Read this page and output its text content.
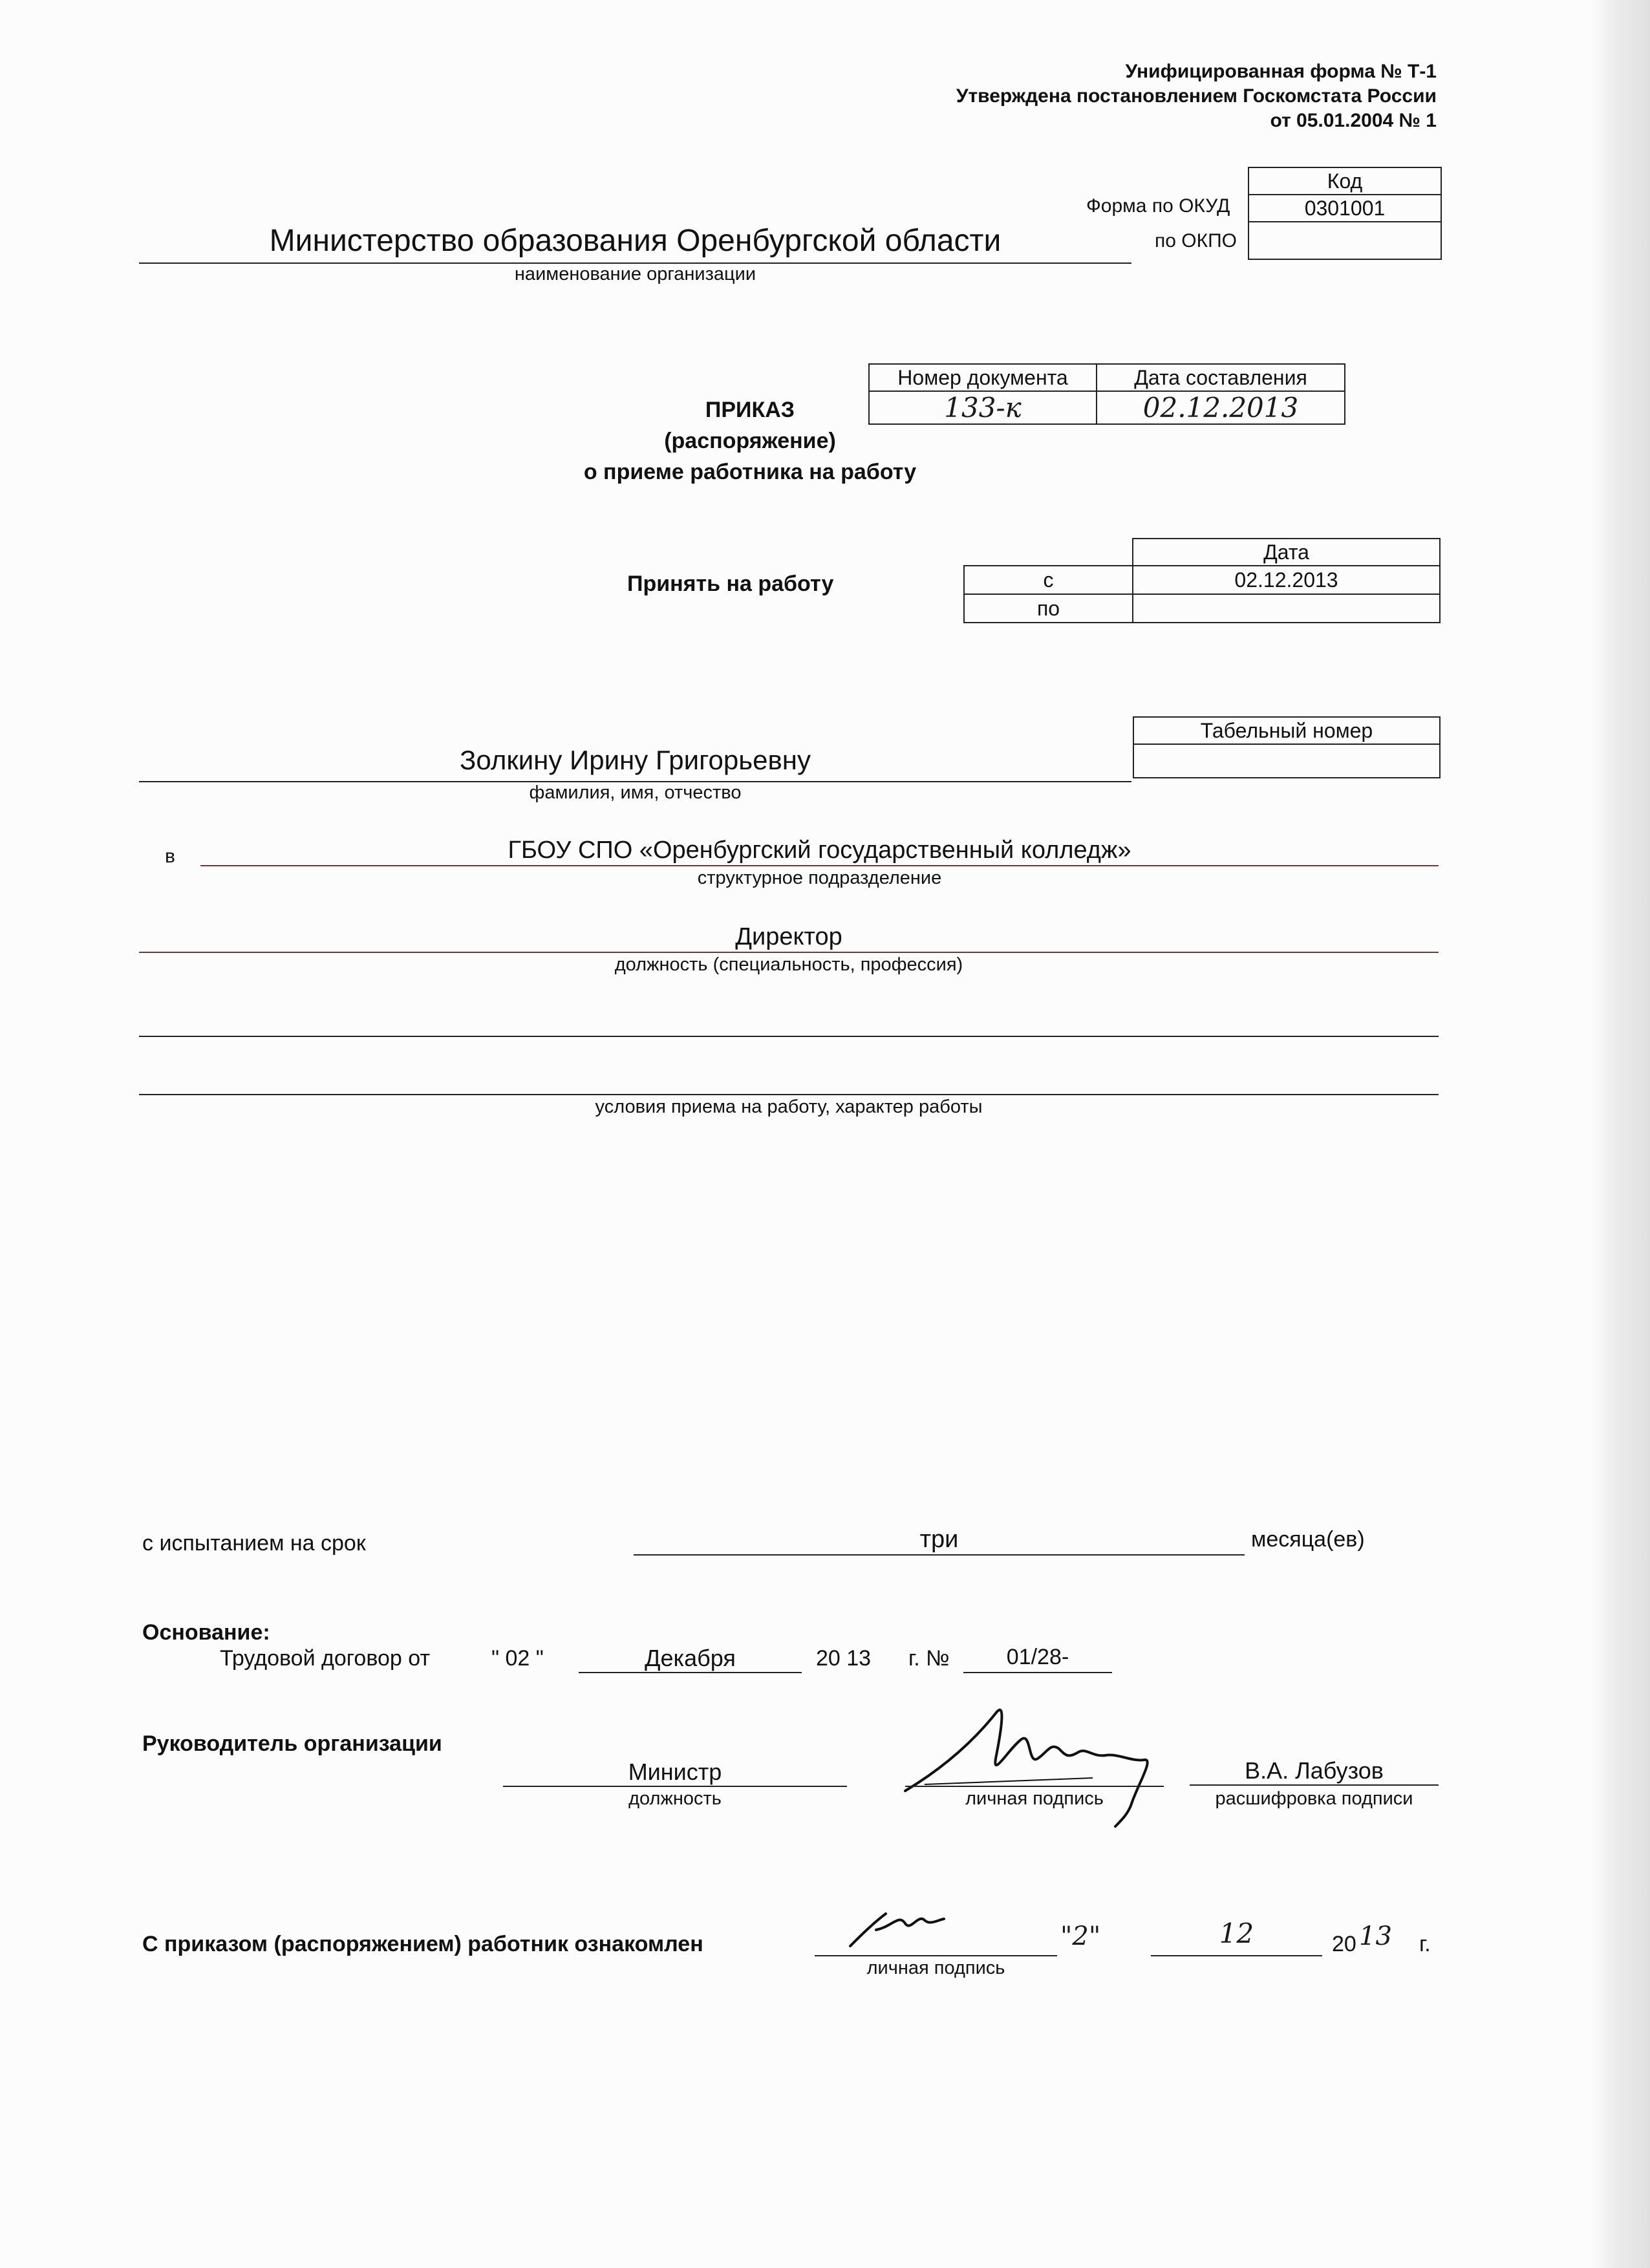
Унифицированная форма № Т-1
Утверждена постановлением Госкомстата России
от 05.01.2004 № 1
Код
0301001

Форма по ОКУД
по ОКПО
Министерство образования Оренбургской области
наименование организации
Номер документа	Дата составления
133-к	02.12.2013
ПРИКАЗ
(распоряжение)
о приеме работника на работу
Принять на работу
	Дата
с	02.12.2013
по	
Табельный номер

Золкину Ирину Григорьевну
фамилия, имя, отчество
в	ГБОУ СПО «Оренбургский государственный колледж»
структурное подразделение
Директор
должность (специальность, профессия)
условия приема на работу, характер работы
с испытанием на срок	три	месяца(ев)
Основание:
Трудовой договор от	" 02 "	Декабря	20 13 г. №	01/28-
Руководитель организации
Министр
должность	личная подпись
В.А. Лабузов
расшифровка подписи
С приказом (распоряжением) работник ознакомлен
личная подпись
"2"	12	20 13 г.
